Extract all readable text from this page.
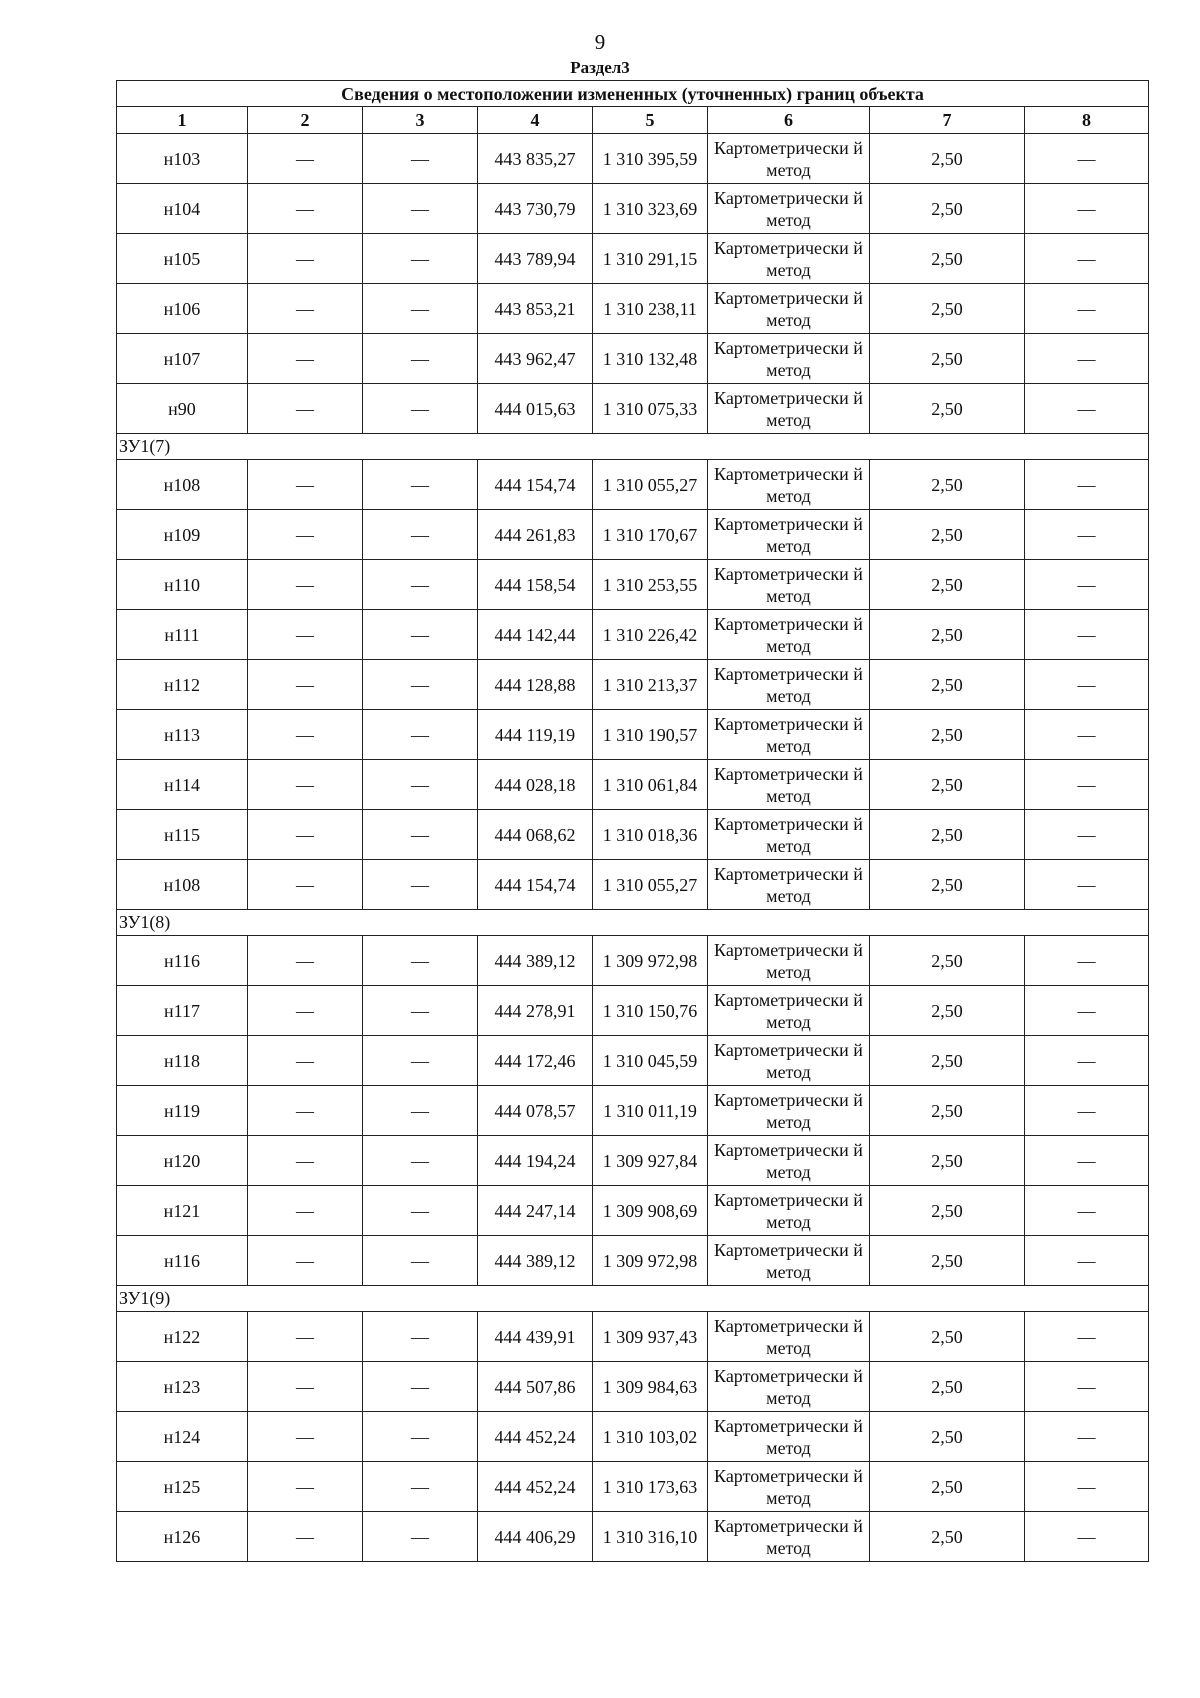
9
Раздел3
Сведения о местоположении измененных (уточненных) границ объекта							
1	2	3	4	5	6	7	8
н103	—	—	443 835,27	1 310 395,59	Картометрически й метод	2,50	—
н104	—	—	443 730,79	1 310 323,69	Картометрически й метод	2,50	—
н105	—	—	443 789,94	1 310 291,15	Картометрически й метод	2,50	—
н106	—	—	443 853,21	1 310 238,11	Картометрически й метод	2,50	—
н107	—	—	443 962,47	1 310 132,48	Картометрически й метод	2,50	—
н90	—	—	444 015,63	1 310 075,33	Картометрически й метод	2,50	—
ЗУ1(7)							
н108	—	—	444 154,74	1 310 055,27	Картометрически й метод	2,50	—
н109	—	—	444 261,83	1 310 170,67	Картометрически й метод	2,50	—
н110	—	—	444 158,54	1 310 253,55	Картометрически й метод	2,50	—
н111	—	—	444 142,44	1 310 226,42	Картометрически й метод	2,50	—
н112	—	—	444 128,88	1 310 213,37	Картометрически й метод	2,50	—
н113	—	—	444 119,19	1 310 190,57	Картометрически й метод	2,50	—
н114	—	—	444 028,18	1 310 061,84	Картометрически й метод	2,50	—
н115	—	—	444 068,62	1 310 018,36	Картометрически й метод	2,50	—
н108	—	—	444 154,74	1 310 055,27	Картометрически й метод	2,50	—
ЗУ1(8)							
н116	—	—	444 389,12	1 309 972,98	Картометрически й метод	2,50	—
н117	—	—	444 278,91	1 310 150,76	Картометрически й метод	2,50	—
н118	—	—	444 172,46	1 310 045,59	Картометрически й метод	2,50	—
н119	—	—	444 078,57	1 310 011,19	Картометрически й метод	2,50	—
н120	—	—	444 194,24	1 309 927,84	Картометрически й метод	2,50	—
н121	—	—	444 247,14	1 309 908,69	Картометрически й метод	2,50	—
н116	—	—	444 389,12	1 309 972,98	Картометрически й метод	2,50	—
ЗУ1(9)							
н122	—	—	444 439,91	1 309 937,43	Картометрически й метод	2,50	—
н123	—	—	444 507,86	1 309 984,63	Картометрически й метод	2,50	—
н124	—	—	444 452,24	1 310 103,02	Картометрически й метод	2,50	—
н125	—	—	444 452,24	1 310 173,63	Картометрически й метод	2,50	—
н126	—	—	444 406,29	1 310 316,10	Картометрически й метод	2,50	—
